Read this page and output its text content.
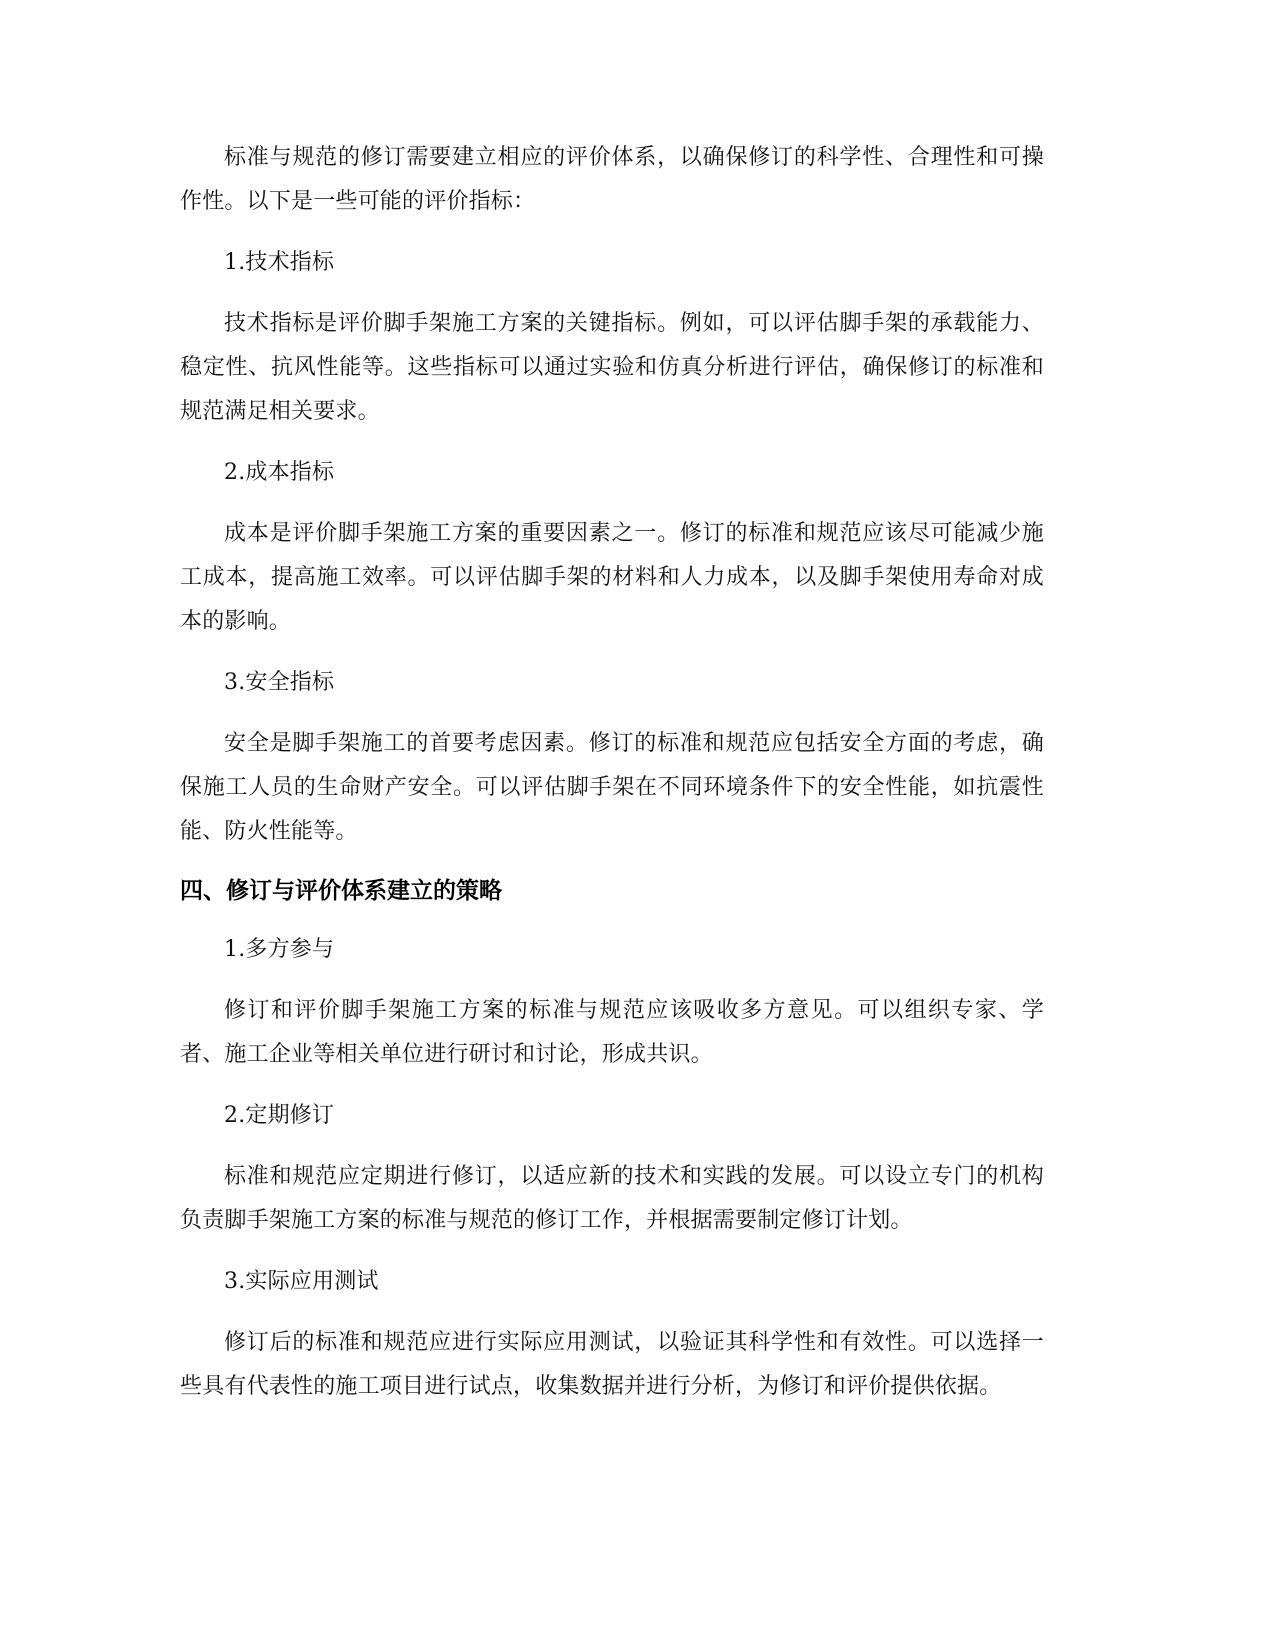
标准与规范的修订需要建立相应的评价体系，以确保修订的科学性、合理性和可操作性。以下是一些可能的评价指标：

1.技术指标

技术指标是评价脚手架施工方案的关键指标。例如，可以评估脚手架的承载能力、稳定性、抗风性能等。这些指标可以通过实验和仿真分析进行评估，确保修订的标准和规范满足相关要求。

2.成本指标

成本是评价脚手架施工方案的重要因素之一。修订的标准和规范应该尽可能减少施工成本，提高施工效率。可以评估脚手架的材料和人力成本，以及脚手架使用寿命对成本的影响。

3.安全指标

安全是脚手架施工的首要考虑因素。修订的标准和规范应包括安全方面的考虑，确保施工人员的生命财产安全。可以评估脚手架在不同环境条件下的安全性能，如抗震性能、防火性能等。

四、修订与评价体系建立的策略

1.多方参与

修订和评价脚手架施工方案的标准与规范应该吸收多方意见。可以组织专家、学者、施工企业等相关单位进行研讨和讨论，形成共识。

2.定期修订

标准和规范应定期进行修订，以适应新的技术和实践的发展。可以设立专门的机构负责脚手架施工方案的标准与规范的修订工作，并根据需要制定修订计划。

3.实际应用测试

修订后的标准和规范应进行实际应用测试，以验证其科学性和有效性。可以选择一些具有代表性的施工项目进行试点，收集数据并进行分析，为修订和评价提供依据。
